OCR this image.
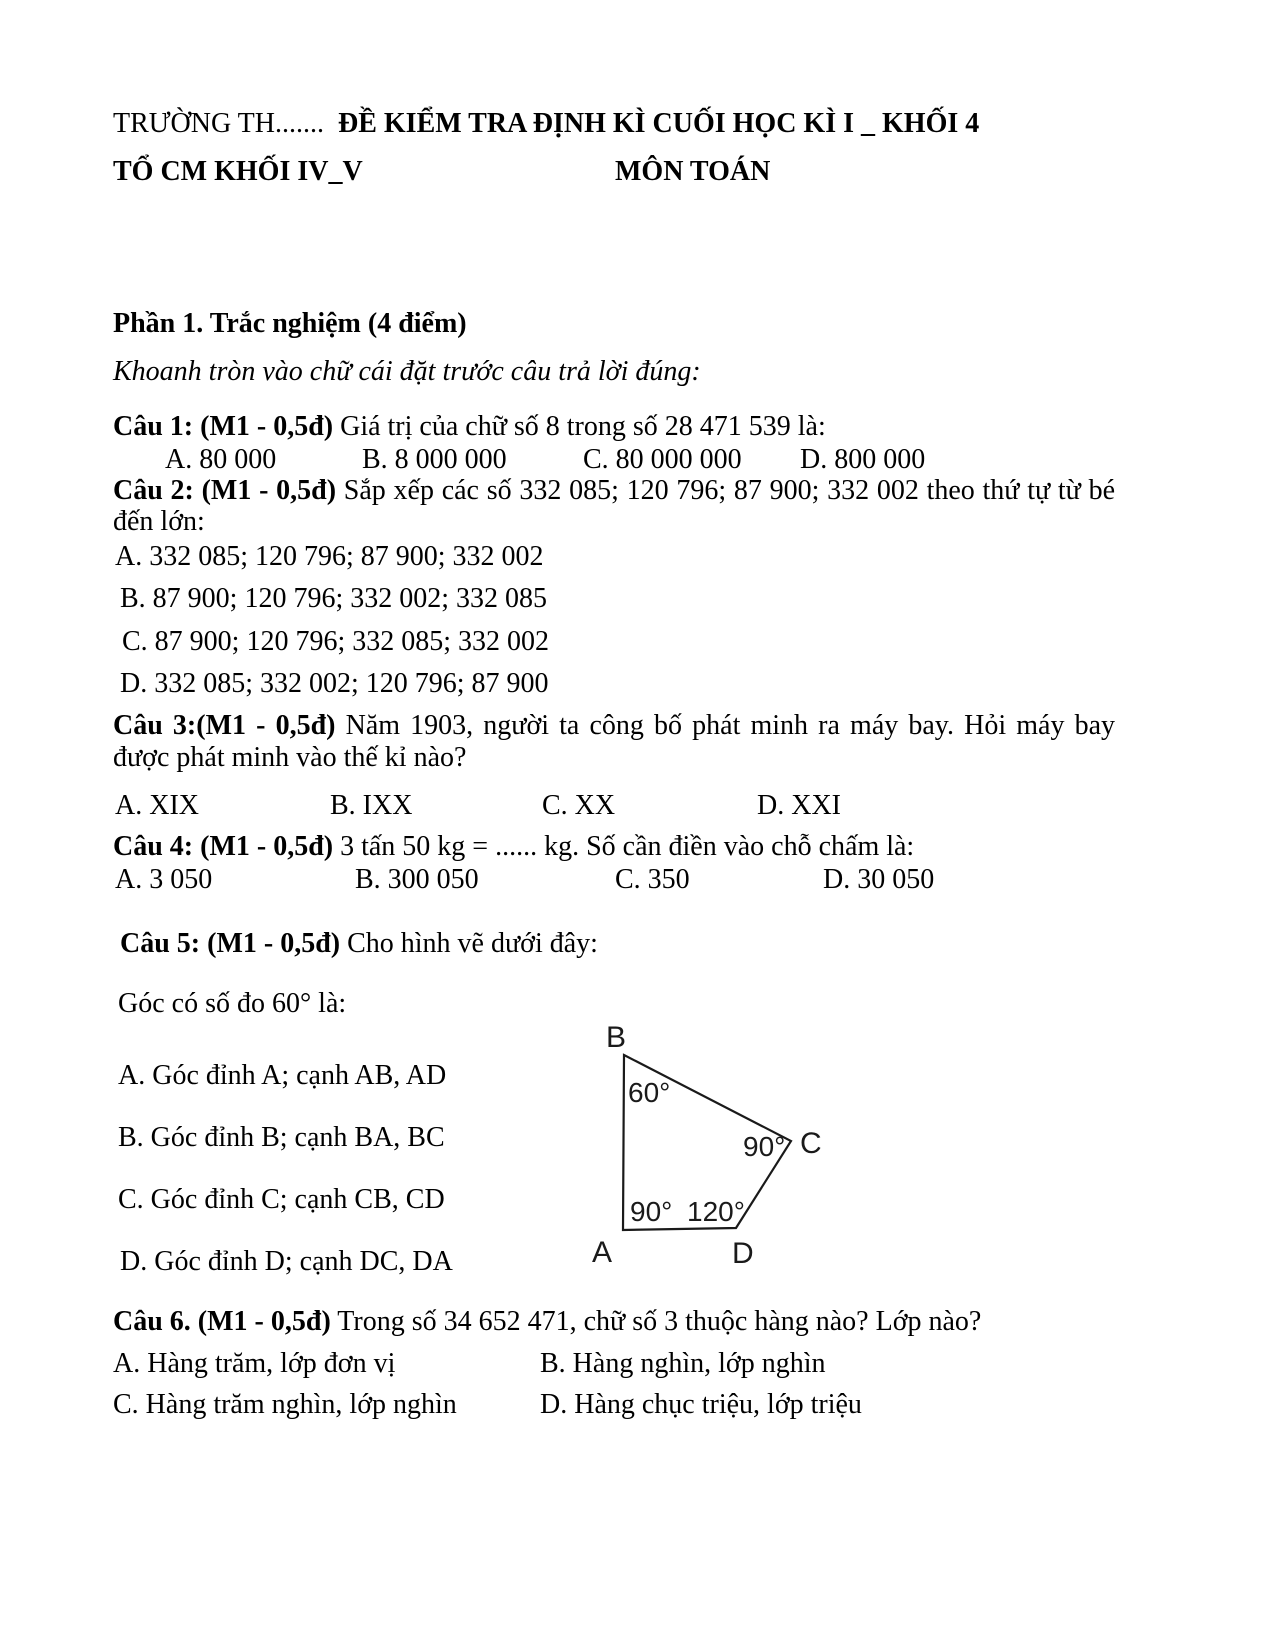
TRƯỜNG TH....... ĐỀ KIỂM TRA ĐỊNH KÌ CUỐI HỌC KÌ I _ KHỐI 4
TỔ CM KHỐI IV_V	MÔN TOÁN
Phần 1. Trắc nghiệm (4 điểm)
Khoanh tròn vào chữ cái đặt trước câu trả lời đúng:
Câu 1: (M1 - 0,5đ) Giá trị của chữ số 8 trong số 28 471 539 là:
A. 80 000	B. 8 000 000	C. 80 000 000	D. 800 000
Câu 2: (M1 - 0,5đ) Sắp xếp các số 332 085; 120 796; 87 900; 332 002 theo thứ tự từ bé
đến lớn:
A. 332 085; 120 796; 87 900; 332 002
B. 87 900; 120 796; 332 002; 332 085
C. 87 900; 120 796; 332 085; 332 002
D. 332 085; 332 002; 120 796; 87 900
Câu 3:(M1 - 0,5đ) Năm 1903, người ta công bố phát minh ra máy bay. Hỏi máy bay
được phát minh vào thế kỉ nào?
A. XIX	B. IXX	C. XX	D. XXI
Câu 4: (M1 - 0,5đ) 3 tấn 50 kg = ...... kg. Số cần điền vào chỗ chấm là:
A. 3 050	B. 300 050	C. 350	D. 30 050
Câu 5: (M1 - 0,5đ) Cho hình vẽ dưới đây:
Góc có số đo 60° là:
A. Góc đỉnh A; cạnh AB, AD
B. Góc đỉnh B; cạnh BA, BC
C. Góc đỉnh C; cạnh CB, CD
D. Góc đỉnh D; cạnh DC, DA
B
C
A	D
60°
90°
90° 120°
Câu 6. (M1 - 0,5đ) Trong số 34 652 471, chữ số 3 thuộc hàng nào? Lớp nào?
A. Hàng trăm, lớp đơn vị	B. Hàng nghìn, lớp nghìn
C. Hàng trăm nghìn, lớp nghìn	D. Hàng chục triệu, lớp triệu
